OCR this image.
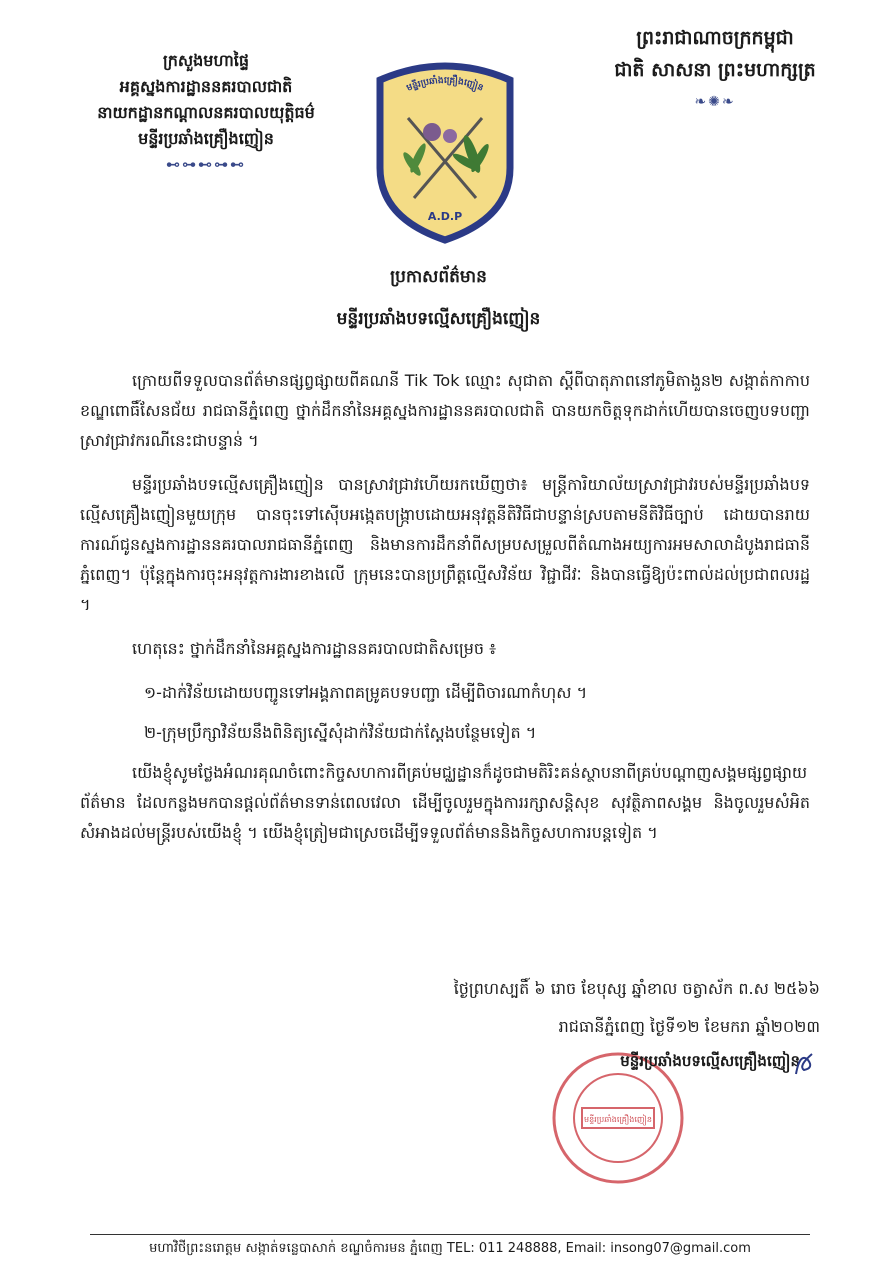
ក្រសួងមហាផ្ទៃ
អគ្គស្នងការដ្ឋាននគរបាលជាតិ
នាយកដ្ឋានកណ្តាលនគរបាលយុត្តិធម៌
មន្ទីរប្រឆាំងគ្រឿងញៀន
⊷⊶⊷⊶⊷
មន្ទីរប្រឆាំងគ្រឿងញៀន
A.D.P
ព្រះរាជាណាចក្រកម្ពុជា
ជាតិ សាសនា ព្រះមហាក្សត្រ
❧✺❧
ប្រកាសព័ត៌មាន
មន្ទីរប្រឆាំងបទល្មើសគ្រឿងញៀន

ក្រោយពីទទួលបានព័ត៌មានផ្សព្វផ្សាយពីគណនី Tik Tok ឈ្មោះ សុជាតា ស្តីពីបាតុភាពនៅភូមិតាងួន២ សង្កាត់កាកាប ខណ្ឌពោធិ៍សែនជ័យ រាជធានីភ្នំពេញ ថ្នាក់ដឹកនាំនៃអគ្គស្នងការដ្ឋាននគរបាលជាតិ បានយកចិត្តទុកដាក់ហើយបានចេញបទបញ្ជាស្រាវជ្រាវករណីនេះជាបន្ទាន់ ។

មន្ទីរប្រឆាំងបទល្មើសគ្រឿងញៀន បានស្រាវជ្រាវហើយរកឃើញថា៖ មន្ត្រីការិយាល័យស្រាវជ្រាវរបស់មន្ទីរប្រឆាំងបទល្មើសគ្រឿងញៀនមួយក្រុម បានចុះទៅស៊ើបអង្កេតបង្ក្រាបដោយអនុវត្តនីតិវិធីជាបន្ទាន់ស្របតាមនីតិវិធីច្បាប់ ដោយបានរាយការណ៍ជូនស្នងការដ្ឋាននគរបាលរាជធានីភ្នំពេញ និងមានការដឹកនាំពីសម្របសម្រួលពីតំណាងអយ្យការអមសាលាដំបូងរាជធានីភ្នំពេញ។ ប៉ុន្តែក្នុងការចុះអនុវត្តការងារខាងលើ ក្រុមនេះបានប្រព្រឹត្តល្មើសវិន័យ វិជ្ជាជីវៈ និងបានធ្វើឱ្យប៉ះពាល់ដល់ប្រជាពលរដ្ឋ ។

ហេតុនេះ ថ្នាក់ដឹកនាំនៃអគ្គស្នងការដ្ឋាននគរបាលជាតិសម្រេច ៖

១-ដាក់វិន័យដោយបញ្ជូនទៅអង្គភាពគម្រូគបទបញ្ជា ដើម្បីពិចារណាកំហុស ។

២-ក្រុមប្រឹក្សាវិន័យនឹងពិនិត្យស្នើសុំដាក់វិន័យជាក់ស្តែងបន្ថែមទៀត ។

យើងខ្ញុំសូមថ្លែងអំណរគុណចំពោះកិច្ចសហការពីគ្រប់មជ្ឈដ្ឋានក៏ដូចជាមតិរិះគន់ស្ថាបនាពីគ្រប់បណ្តាញសង្គមផ្សព្វផ្សាយព័ត៌មាន ដែលកន្លងមកបានផ្តល់ព័ត៌មានទាន់ពេលវេលា ដើម្បីចូលរួមក្នុងការរក្សាសន្តិសុខ សុវត្ថិភាពសង្គម និងចូលរួមសំអិតសំអាងដល់មន្ត្រីរបស់យើងខ្ញុំ ។ យើងខ្ញុំត្រៀមជាស្រេចដើម្បីទទួលព័ត៌មាននិងកិច្ចសហការបន្តទៀត ។

ថ្ងៃព្រហស្បតិ៍ ៦ រោច ខែបុស្ស ឆ្នាំខាល ចត្វាស័ក ព.ស ២៥៦៦
រាជធានីភ្នំពេញ ថ្ងៃទី១២ ខែមករា ឆ្នាំ២០២៣
មន្ទីរប្រឆាំងគ្រឿងញៀន
មន្ទីរប្រឆាំងបទល្មើសគ្រឿងញៀន
មហាវិថីព្រះនរោត្តម សង្កាត់ទន្លេបាសាក់ ខណ្ឌចំការមន ភ្នំពេញ TEL: 011 248888, Email: insong07@gmail.com
